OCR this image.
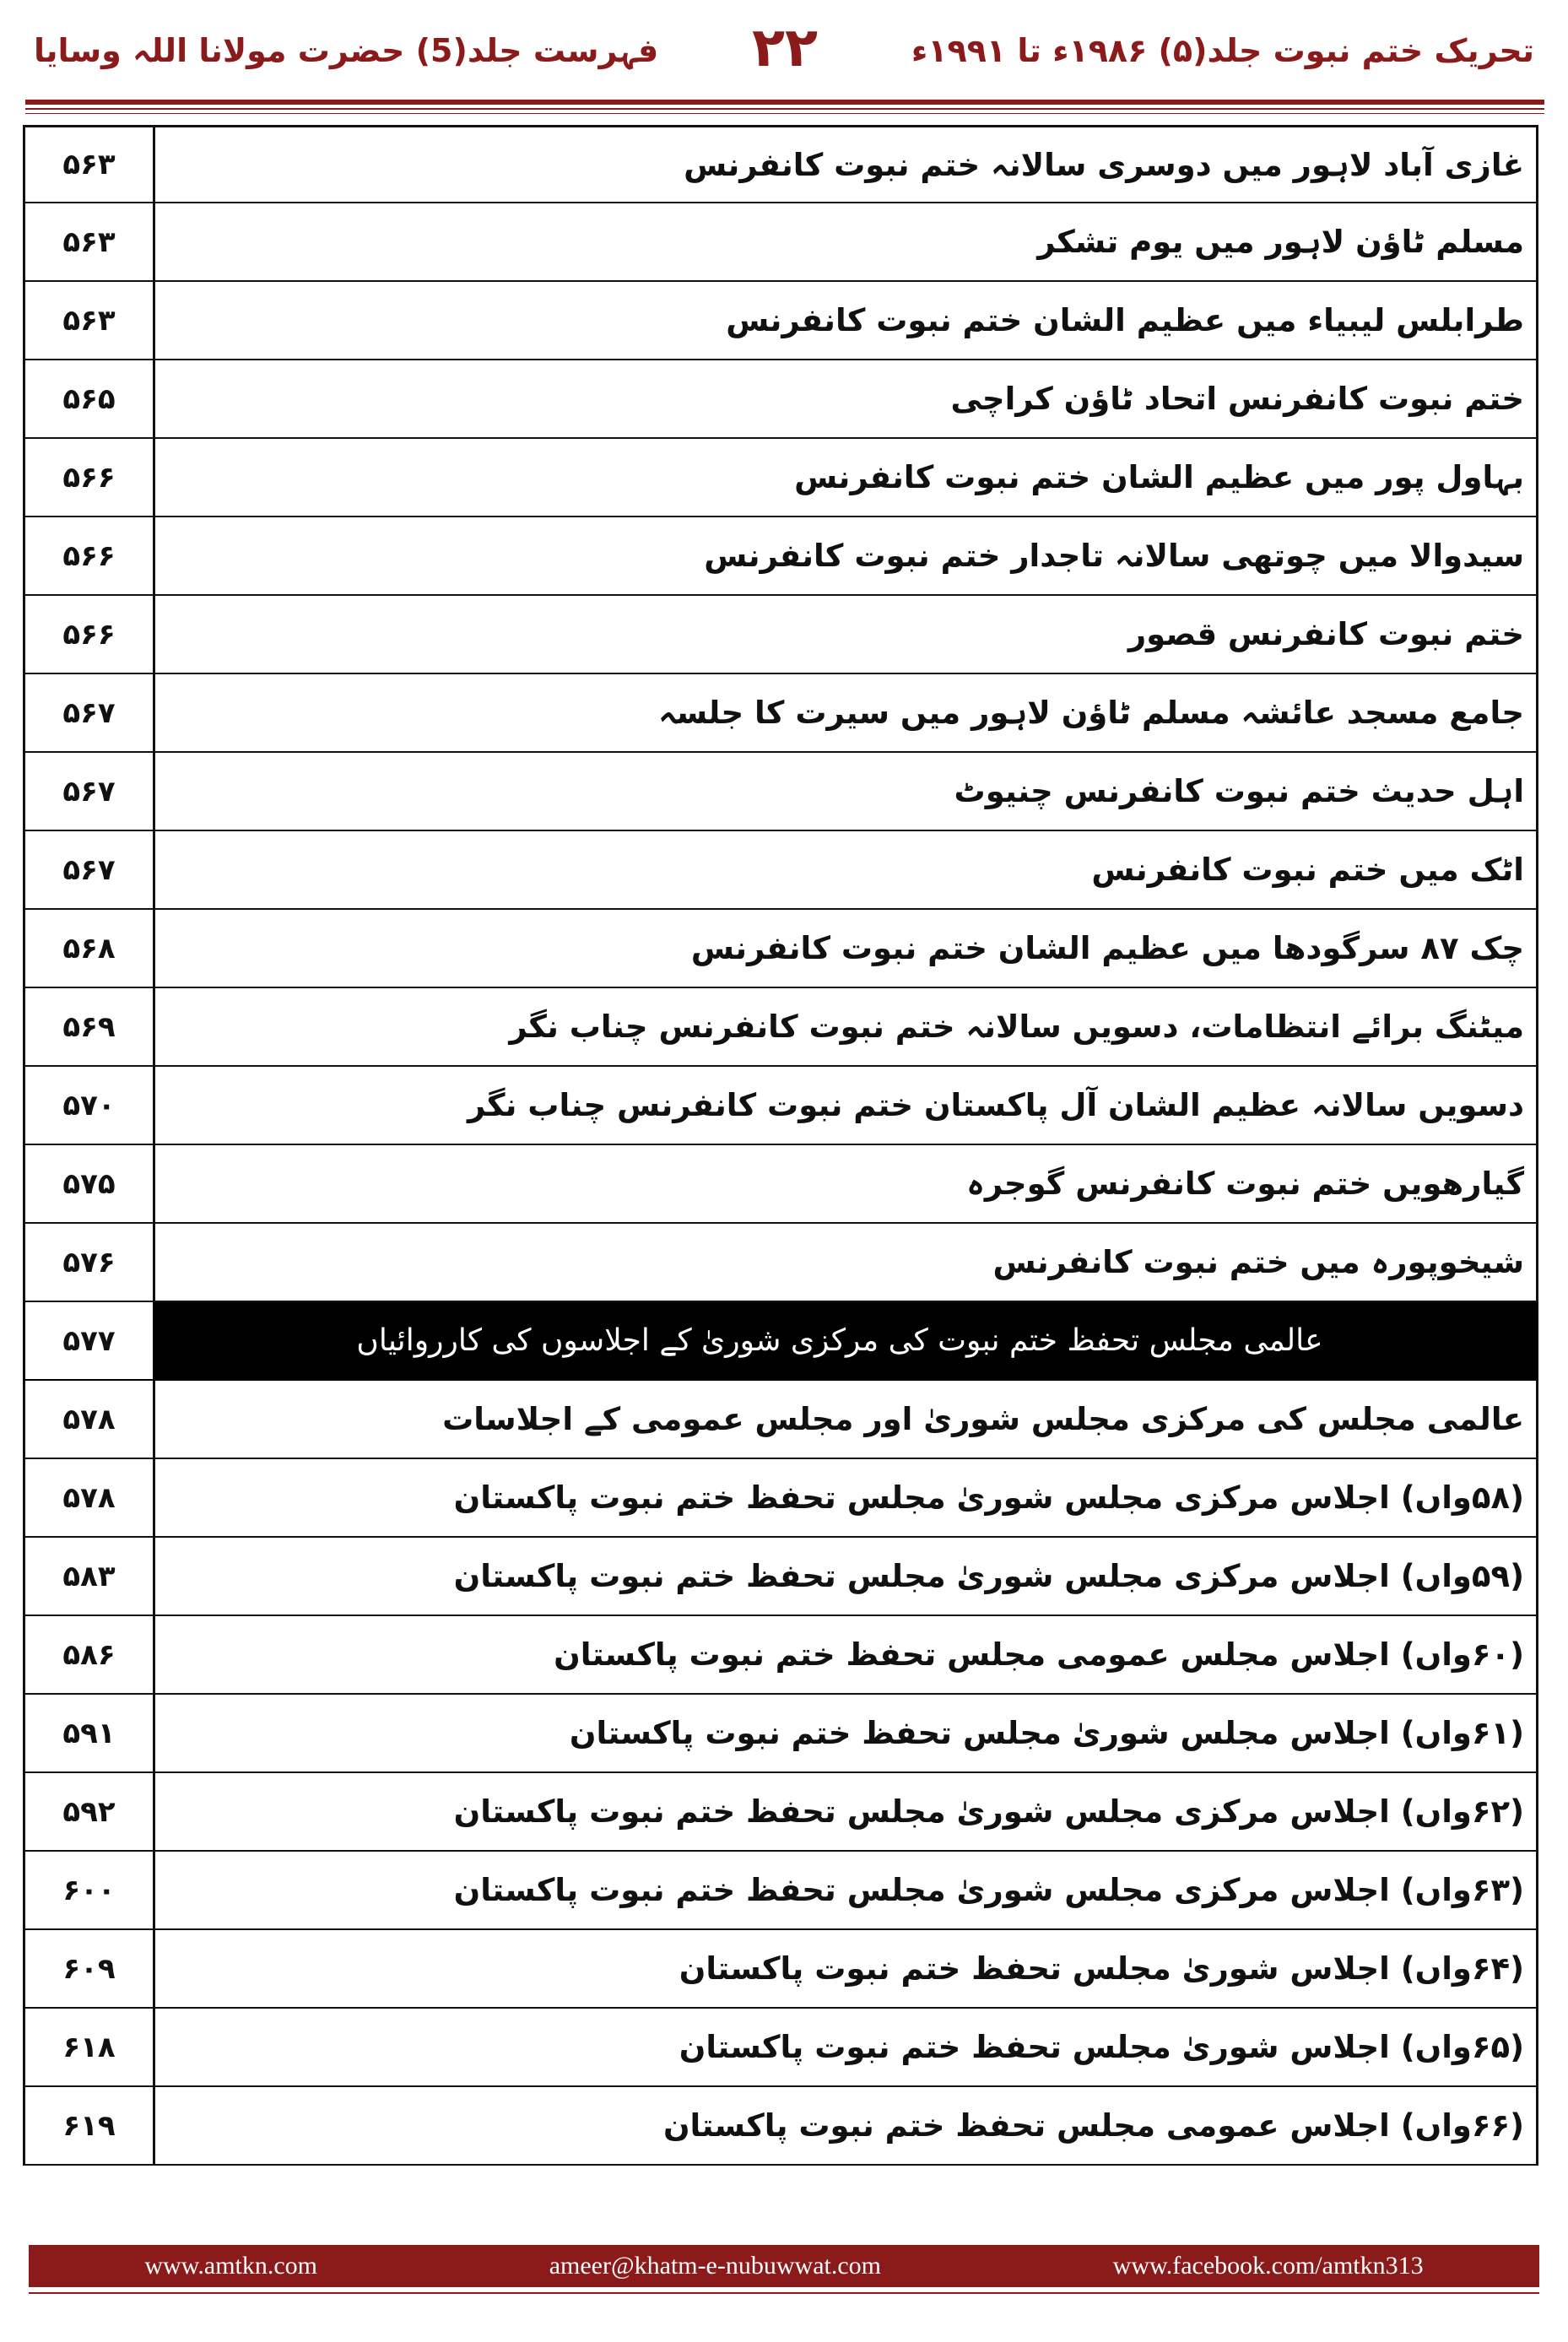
تحریک ختم نبوت جلد(۵) ۱۹۸۶ء تا ۱۹۹۱ء
۲۲
فہرست جلد(5) حضرت مولانا اللہ وسایا
۵۶۳	غازی آباد لاہور میں دوسری سالانہ ختم نبوت کانفرنس
۵۶۳	مسلم ٹاؤن لاہور میں یوم تشکر
۵۶۳	طرابلس لیبیاء میں عظیم الشان ختم نبوت کانفرنس
۵۶۵	ختم نبوت کانفرنس اتحاد ٹاؤن کراچی
۵۶۶	بہاول پور میں عظیم الشان ختم نبوت کانفرنس
۵۶۶	سیدوالا میں چوتھی سالانہ تاجدار ختم نبوت کانفرنس
۵۶۶	ختم نبوت کانفرنس قصور
۵۶۷	جامع مسجد عائشہ مسلم ٹاؤن لاہور میں سیرت کا جلسہ
۵۶۷	اہل حدیث ختم نبوت کانفرنس چنیوٹ
۵۶۷	اٹک میں ختم نبوت کانفرنس
۵۶۸	چک ۸۷ سرگودھا میں عظیم الشان ختم نبوت کانفرنس
۵۶۹	میٹنگ برائے انتظامات، دسویں سالانہ ختم نبوت کانفرنس چناب نگر
۵۷۰	دسویں سالانہ عظیم الشان آل پاکستان ختم نبوت کانفرنس چناب نگر
۵۷۵	گیارھویں ختم نبوت کانفرنس گوجرہ
۵۷۶	شیخوپورہ میں ختم نبوت کانفرنس
۵۷۷	عالمی مجلس تحفظ ختم نبوت کی مرکزی شوریٰ کے اجلاسوں کی کارروائیاں
۵۷۸	عالمی مجلس کی مرکزی مجلس شوریٰ اور مجلس عمومی کے اجلاسات
۵۷۸	(۵۸واں) اجلاس مرکزی مجلس شوریٰ مجلس تحفظ ختم نبوت پاکستان
۵۸۳	(۵۹واں) اجلاس مرکزی مجلس شوریٰ مجلس تحفظ ختم نبوت پاکستان
۵۸۶	(۶۰واں) اجلاس مجلس عمومی مجلس تحفظ ختم نبوت پاکستان
۵۹۱	(۶۱واں) اجلاس مجلس شوریٰ مجلس تحفظ ختم نبوت پاکستان
۵۹۲	(۶۲واں) اجلاس مرکزی مجلس شوریٰ مجلس تحفظ ختم نبوت پاکستان
۶۰۰	(۶۳واں) اجلاس مرکزی مجلس شوریٰ مجلس تحفظ ختم نبوت پاکستان
۶۰۹	(۶۴واں) اجلاس شوریٰ مجلس تحفظ ختم نبوت پاکستان
۶۱۸	(۶۵واں) اجلاس شوریٰ مجلس تحفظ ختم نبوت پاکستان
۶۱۹	(۶۶واں) اجلاس عمومی مجلس تحفظ ختم نبوت پاکستان
www.amtkn.com	ameer@khatm-e-nubuwwat.com	www.facebook.com/amtkn313
